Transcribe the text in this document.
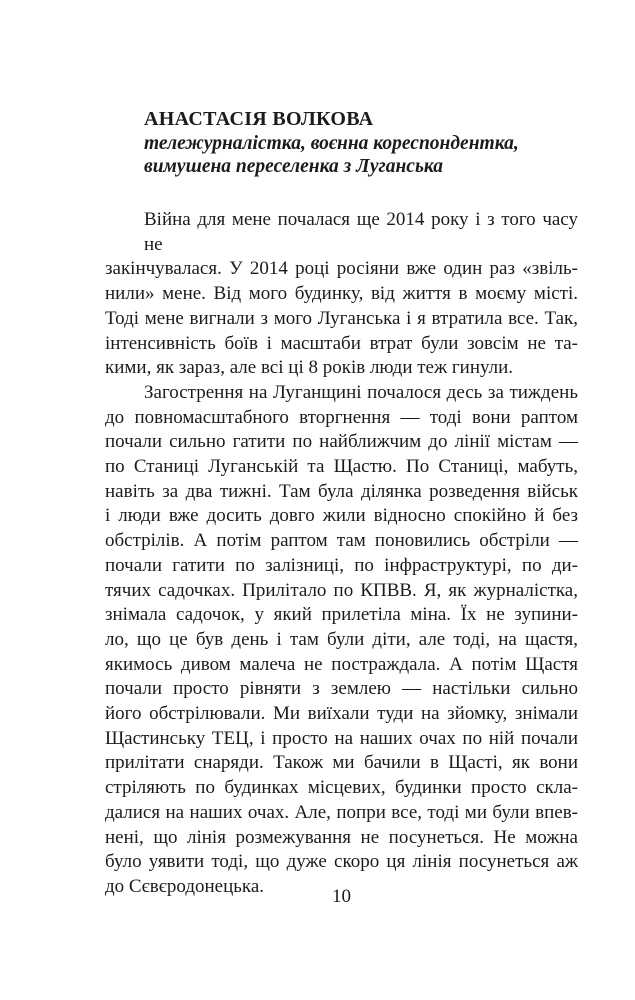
АНАСТАСІЯ ВОЛКОВА
тележурналістка, воєнна кореспондентка,
вимушена переселенка з Луганська
Війна для мене почалася ще 2014 року і з того часу не
закінчувалася. У 2014 році росіяни вже один раз «звіль-
нили» мене. Від мого будинку, від життя в моєму місті.
Тоді мене вигнали з мого Луганська і я втратила все. Так,
інтенсивність боїв і масштаби втрат були зовсім не та-
кими, як зараз, але всі ці 8 років люди теж гинули.
Загострення на Луганщині почалося десь за тиждень
до повномасштабного вторгнення — тоді вони раптом
почали сильно гатити по найближчим до лінії містам —
по Станиці Луганській та Щастю. По Станиці, мабуть,
навіть за два тижні. Там була ділянка розведення військ
і люди вже досить довго жили відносно спокійно й без
обстрілів. А потім раптом там поновились обстріли —
почали гатити по залізниці, по інфраструктурі, по ди-
тячих садочках. Прилітало по КПВВ. Я, як журналістка,
знімала садочок, у який прилетіла міна. Їх не зупини-
ло, що це був день і там були діти, але тоді, на щастя,
якимось дивом малеча не постраждала. А потім Щастя
почали просто рівняти з землею — настільки сильно
його обстрілювали. Ми виїхали туди на зйомку, знімали
Щастинську ТЕЦ, і просто на наших очах по ній почали
прилітати снаряди. Також ми бачили в Щасті, як вони
стріляють по будинках місцевих, будинки просто скла-
далися на наших очах. Але, попри все, тоді ми були впев-
нені, що лінія розмежування не посунеться. Не можна
було уявити тоді, що дуже скоро ця лінія посунеться аж
до Сєвєродонецька.	10
